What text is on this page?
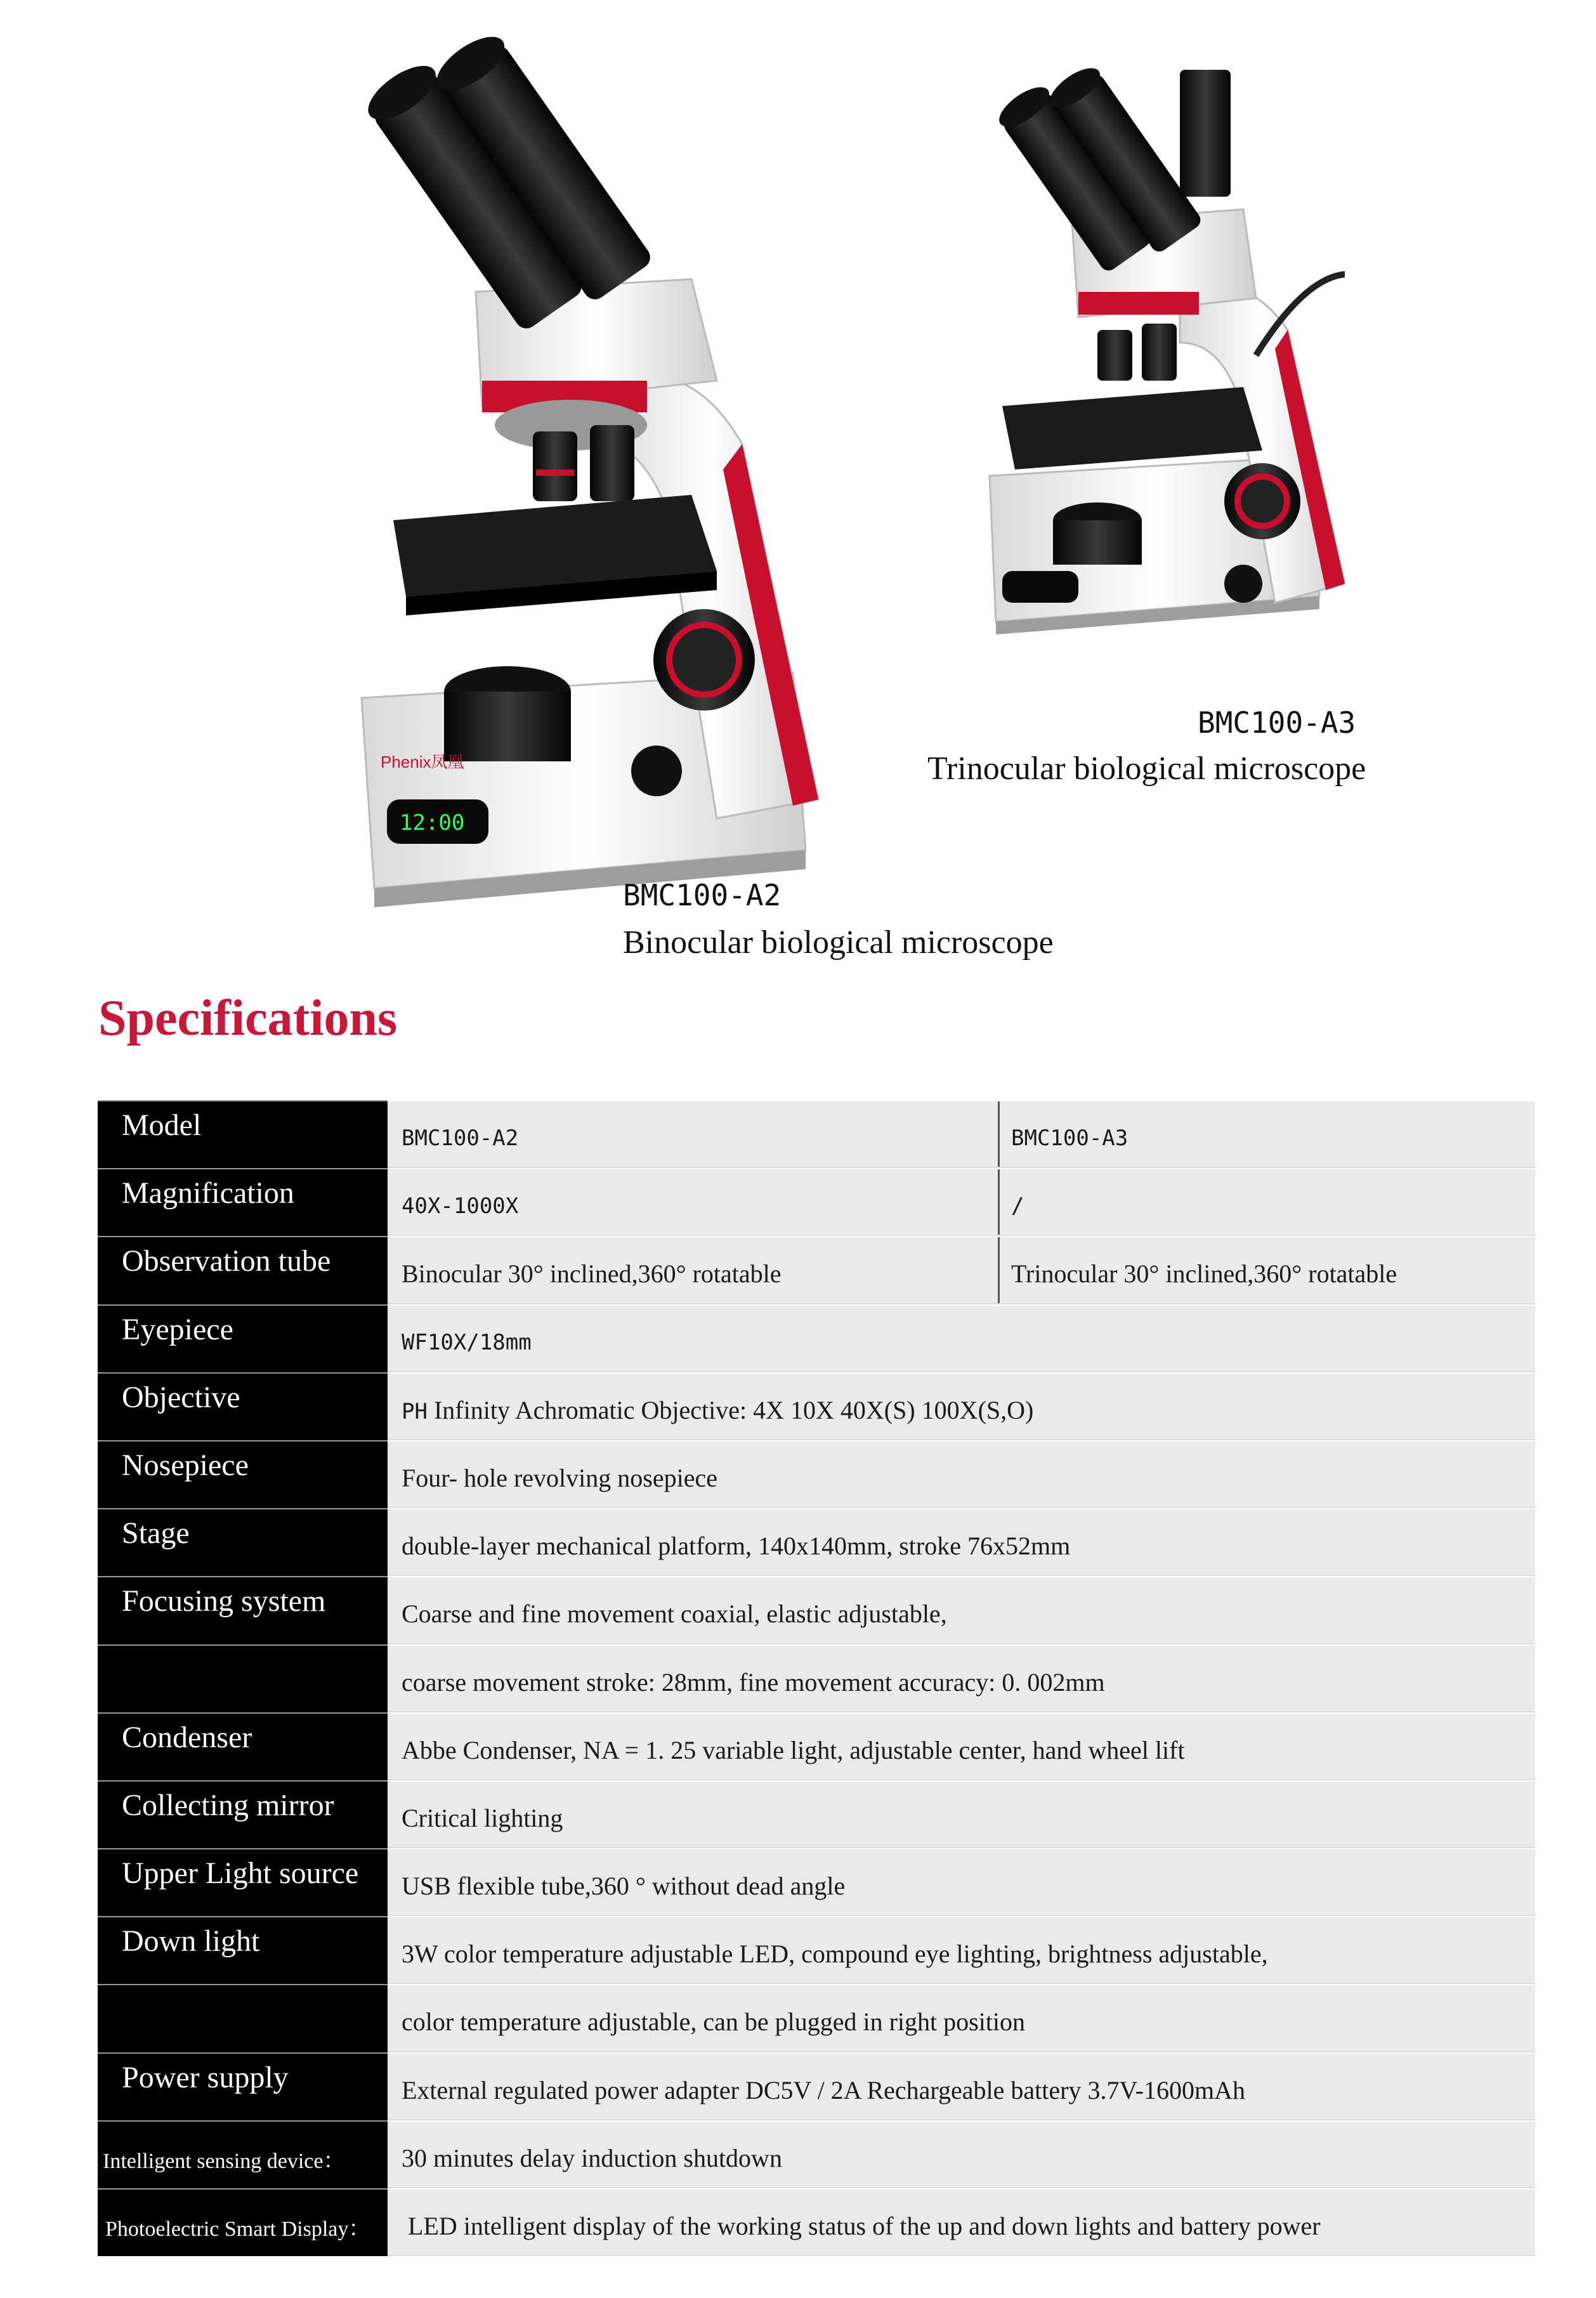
12:00
Phenix凤凰
BMC100-A3
Trinocular biological microscope
BMC100-A2
Binocular biological microscope
Specifications
Model	BMC100-A2	BMC100-A3
Magnification	40X-1000X	/
Observation tube	Binocular 30° inclined,360° rotatable	Trinocular 30° inclined,360° rotatable
Eyepiece	WF10X/18mm
Objective	PH Infinity Achromatic Objective: 4X 10X 40X(S) 100X(S,O)
Nosepiece	Four- hole revolving nosepiece
Stage	double-layer mechanical platform, 140x140mm, stroke 76x52mm
Focusing system	Coarse and fine movement coaxial, elastic adjustable,
coarse movement stroke: 28mm, fine movement accuracy: 0. 002mm
Condenser	Abbe Condenser, NA = 1. 25 variable light, adjustable center, hand wheel lift
Collecting mirror	Critical lighting
Upper Light source	USB flexible tube,360 ° without dead angle
Down light	3W color temperature adjustable LED, compound eye lighting, brightness adjustable,
color temperature adjustable, can be plugged in right position
Power supply	External regulated power adapter DC5V / 2A Rechargeable battery 3.7V-1600mAh
Intelligent sensing device：	30 minutes delay induction shutdown
Photoelectric Smart Display：	LED intelligent display of the working status of the up and down lights and battery power
